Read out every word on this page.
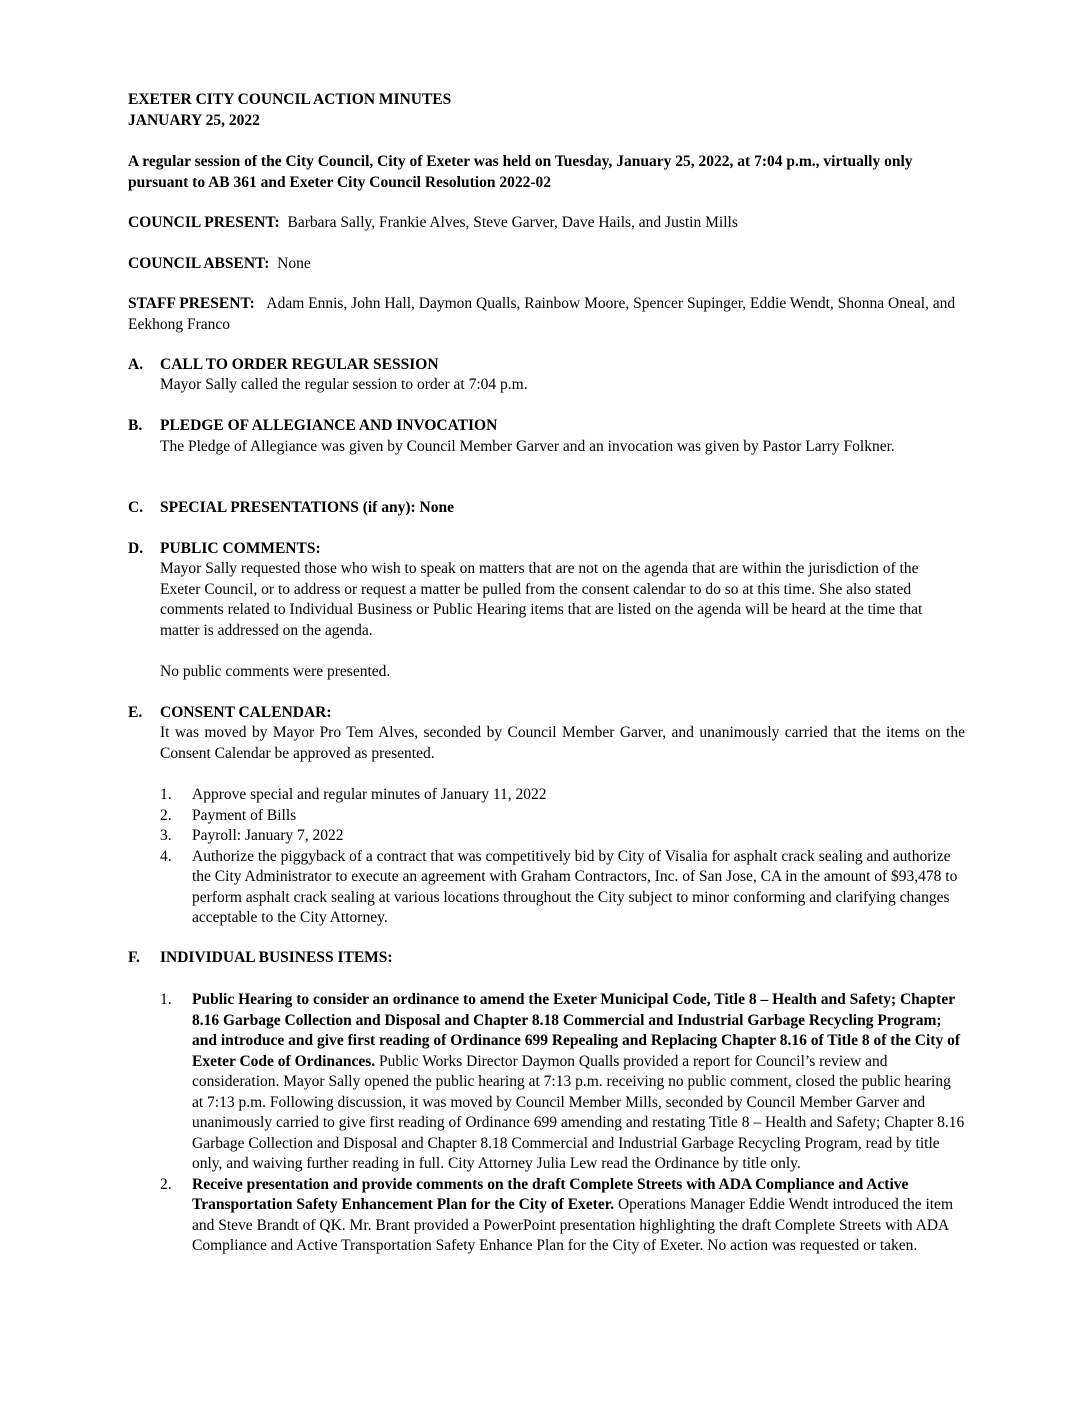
EXETER CITY COUNCIL ACTION MINUTES
JANUARY 25, 2022

A regular session of the City Council, City of Exeter was held on Tuesday, January 25, 2022, at 7:04 p.m., virtually only pursuant to AB 361 and Exeter City Council Resolution 2022-02

COUNCIL PRESENT: Barbara Sally, Frankie Alves, Steve Garver, Dave Hails, and Justin Mills

COUNCIL ABSENT: None

STAFF PRESENT: Adam Ennis, John Hall, Daymon Qualls, Rainbow Moore, Spencer Supinger, Eddie Wendt, Shonna Oneal, and Eekhong Franco

A. CALL TO ORDER REGULAR SESSION

Mayor Sally called the regular session to order at 7:04 p.m.

B. PLEDGE OF ALLEGIANCE AND INVOCATION

The Pledge of Allegiance was given by Council Member Garver and an invocation was given by Pastor Larry Folkner.

C. SPECIAL PRESENTATIONS (if any): None
D. PUBLIC COMMENTS:

Mayor Sally requested those who wish to speak on matters that are not on the agenda that are within the jurisdiction of the Exeter Council, or to address or request a matter be pulled from the consent calendar to do so at this time. She also stated comments related to Individual Business or Public Hearing items that are listed on the agenda will be heard at the time that matter is addressed on the agenda.

No public comments were presented.

E. CONSENT CALENDAR:

It was moved by Mayor Pro Tem Alves, seconded by Council Member Garver, and unanimously carried that the items on the Consent Calendar be approved as presented.

1. Approve special and regular minutes of January 11, 2022
2. Payment of Bills
3. Payroll: January 7, 2022
4. Authorize the piggyback of a contract that was competitively bid by City of Visalia for asphalt crack sealing and authorize the City Administrator to execute an agreement with Graham Contractors, Inc. of San Jose, CA in the amount of $93,478 to perform asphalt crack sealing at various locations throughout the City subject to minor conforming and clarifying changes acceptable to the City Attorney.
F. INDIVIDUAL BUSINESS ITEMS:
1. Public Hearing to consider an ordinance to amend the Exeter Municipal Code, Title 8 – Health and Safety; Chapter 8.16 Garbage Collection and Disposal and Chapter 8.18 Commercial and Industrial Garbage Recycling Program; and introduce and give first reading of Ordinance 699 Repealing and Replacing Chapter 8.16 of Title 8 of the City of Exeter Code of Ordinances. Public Works Director Daymon Qualls provided a report for Council’s review and consideration. Mayor Sally opened the public hearing at 7:13 p.m. receiving no public comment, closed the public hearing at 7:13 p.m. Following discussion, it was moved by Council Member Mills, seconded by Council Member Garver and unanimously carried to give first reading of Ordinance 699 amending and restating Title 8 – Health and Safety; Chapter 8.16 Garbage Collection and Disposal and Chapter 8.18 Commercial and Industrial Garbage Recycling Program, read by title only, and waiving further reading in full. City Attorney Julia Lew read the Ordinance by title only.
2. Receive presentation and provide comments on the draft Complete Streets with ADA Compliance and Active Transportation Safety Enhancement Plan for the City of Exeter. Operations Manager Eddie Wendt introduced the item and Steve Brandt of QK. Mr. Brant provided a PowerPoint presentation highlighting the draft Complete Streets with ADA Compliance and Active Transportation Safety Enhance Plan for the City of Exeter. No action was requested or taken.
